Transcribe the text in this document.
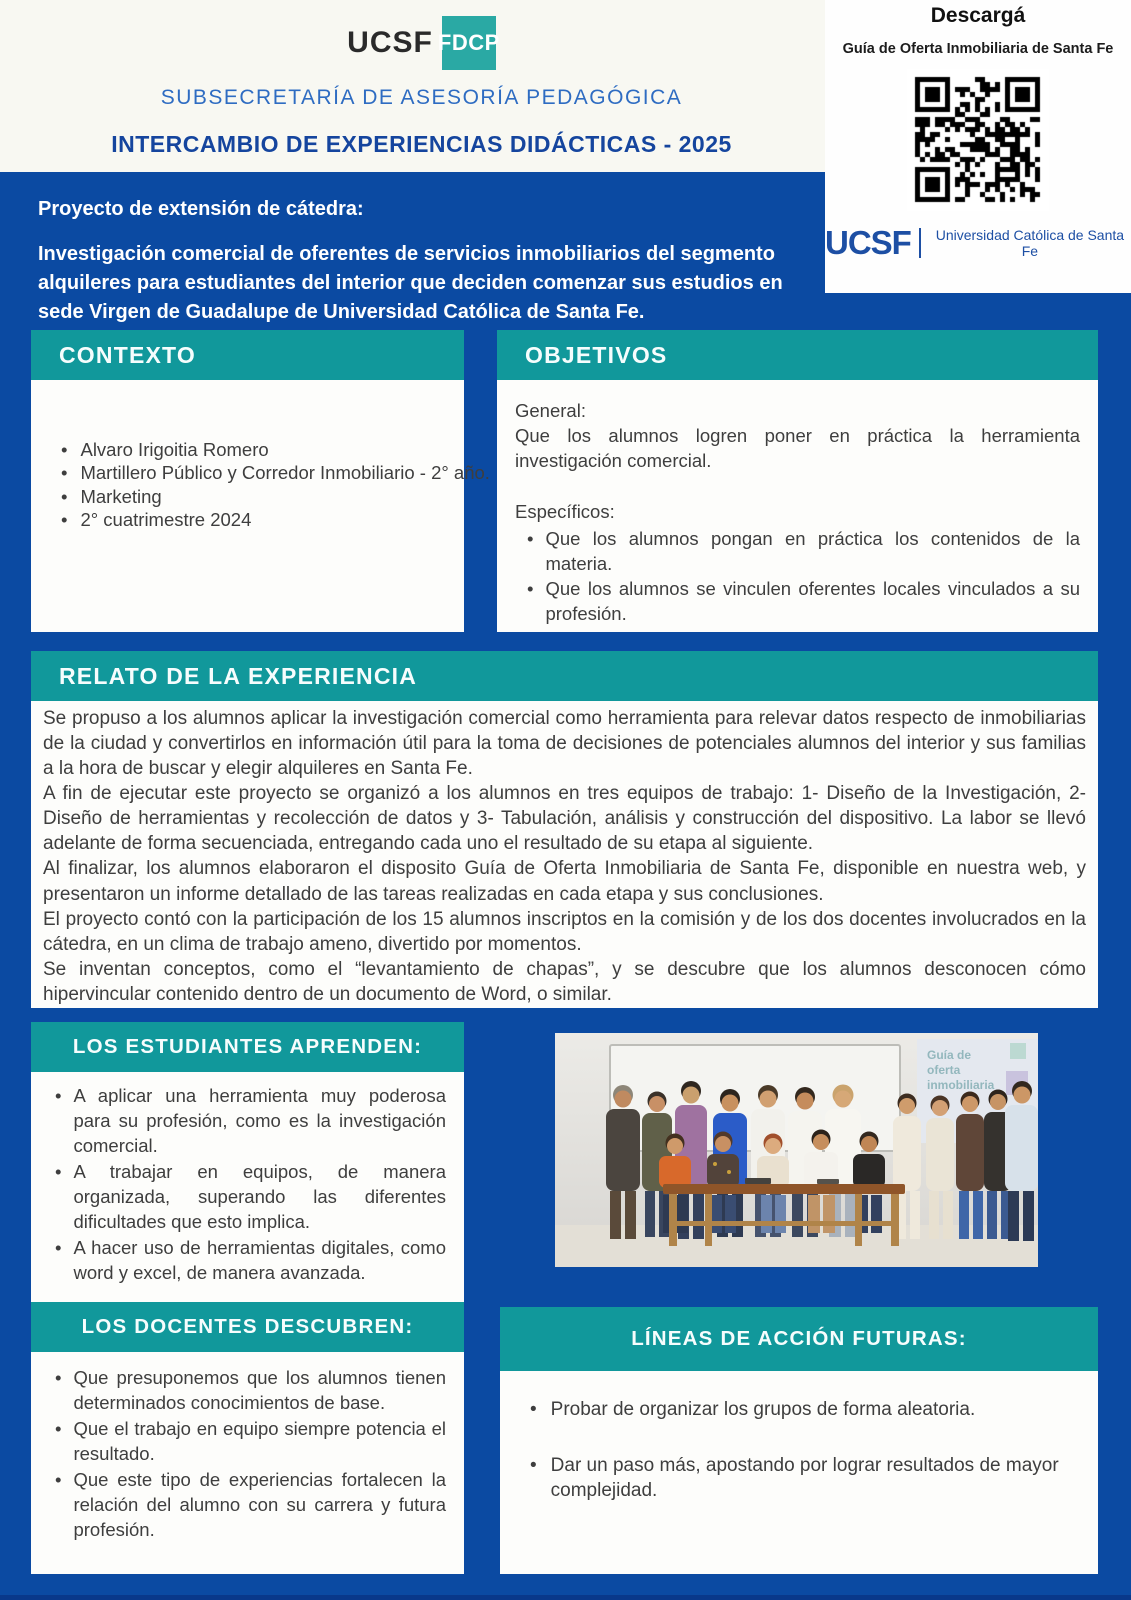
UCSF FDCP
SUBSECRETARÍA DE ASESORÍA PEDAGÓGICA
INTERCAMBIO DE EXPERIENCIAS DIDÁCTICAS - 2025
Descargá
Guía de Oferta Inmobiliaria de Santa Fe
UCSF	Universidad Católica de Santa Fe
Proyecto de extensión de cátedra:
Investigación comercial de oferentes de servicios inmobiliarios del segmento alquileres para estudiantes del interior que deciden comenzar sus estudios en sede Virgen de Guadalupe de Universidad Católica de Santa Fe.
CONTEXTO
• Alvaro Irigoitia Romero
• Martillero Público y Corredor Inmobiliario - 2° año.
• Marketing
• 2° cuatrimestre 2024
OBJETIVOS

General:

Que los alumnos logren poner en práctica la herramienta investigación comercial.

Específicos:

• Que los alumnos pongan en práctica los contenidos de la materia.
• Que los alumnos se vinculen oferentes locales vinculados a su profesión.
RELATO DE LA EXPERIENCIA

Se propuso a los alumnos aplicar la investigación comercial como herramienta para relevar datos respecto de inmobiliarias de la ciudad y convertirlos en información útil para la toma de decisiones de potenciales alumnos del interior y sus familias a la hora de buscar y elegir alquileres en Santa Fe.

A fin de ejecutar este proyecto se organizó a los alumnos en tres equipos de trabajo: 1- Diseño de la Investigación, 2- Diseño de herramientas y recolección de datos y 3- Tabulación, análisis y construcción del dispositivo. La labor se llevó adelante de forma secuenciada, entregando cada uno el resultado de su etapa al siguiente.

Al finalizar, los alumnos elaboraron el disposito Guía de Oferta Inmobiliaria de Santa Fe, disponible en nuestra web, y presentaron un informe detallado de las tareas realizadas en cada etapa y sus conclusiones.

El proyecto contó con la participación de los 15 alumnos inscriptos en la comisión y de los dos docentes involucrados en la cátedra, en un clima de trabajo ameno, divertido por momentos.

Se inventan conceptos, como el “levantamiento de chapas”, y se descubre que los alumnos desconocen cómo hipervincular contenido dentro de un documento de Word, o similar.

LOS ESTUDIANTES APRENDEN:
• A aplicar una herramienta muy poderosa para su profesión, como es la investigación comercial.
• A trabajar en equipos, de manera organizada, superando las diferentes dificultades que esto implica.
• A hacer uso de herramientas digitales, como word y excel, de manera avanzada.
LOS DOCENTES DESCUBREN:
• Que presuponemos que los alumnos tienen determinados conocimientos de base.
• Que el trabajo en equipo siempre potencia el resultado.
• Que este tipo de experiencias fortalecen la relación del alumno con su carrera y futura profesión.
Guía de
oferta
inmobiliaria
LÍNEAS DE ACCIÓN FUTURAS:
• Probar de organizar los grupos de forma aleatoria.
• Dar un paso más, apostando por lograr resultados de mayor complejidad.
